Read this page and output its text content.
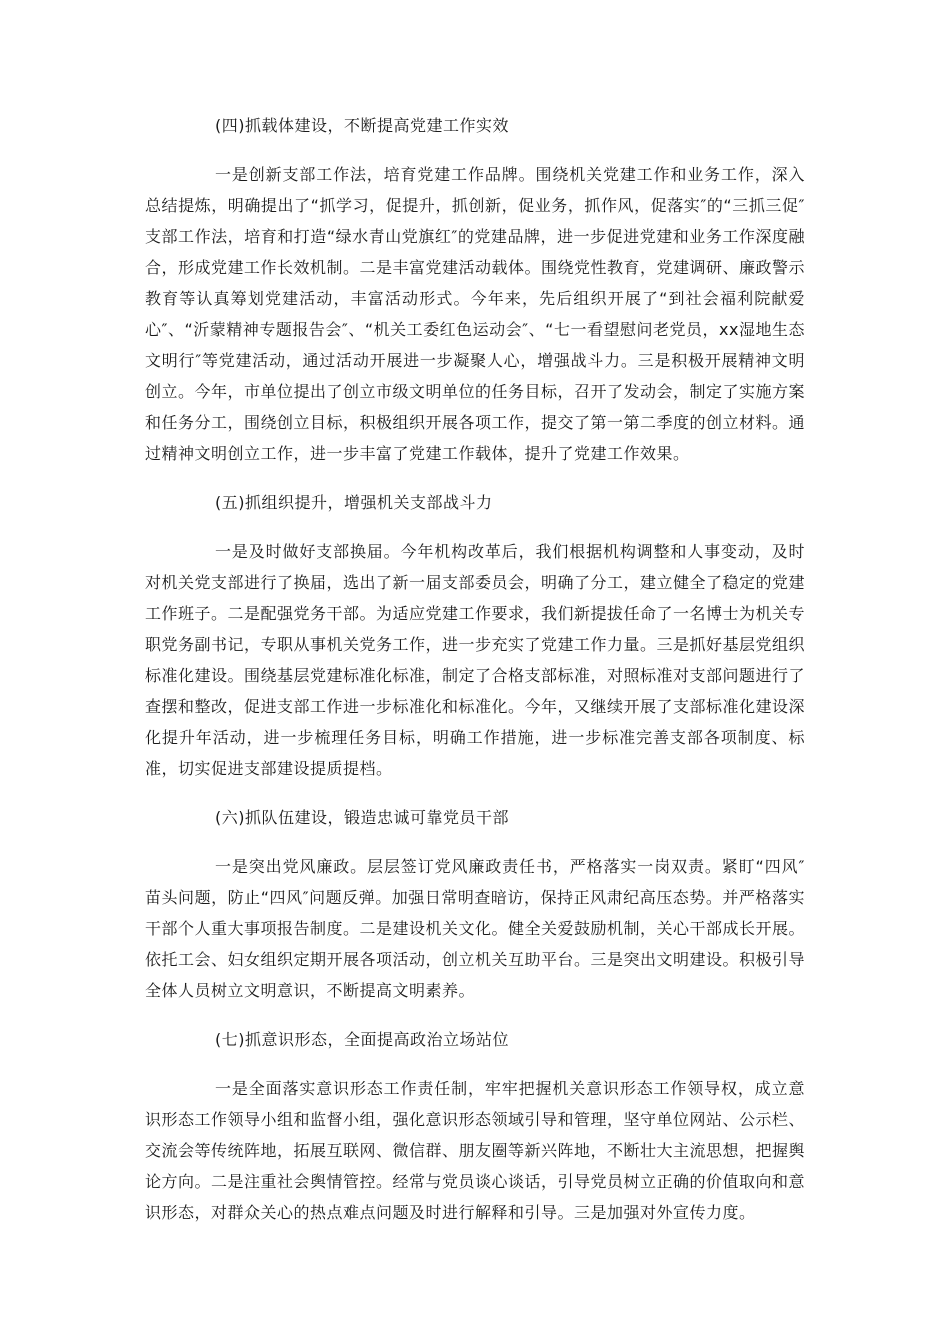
(四)抓载体建设，不断提高党建工作实效

一是创新支部工作法，培育党建工作品牌。围绕机关党建工作和业务工作，深入总结提炼，明确提出了“抓学习，促提升，抓创新，促业务，抓作风，促落实″的“三抓三促″支部工作法，培育和打造“绿水青山党旗红″的党建品牌，进一步促进党建和业务工作深度融合，形成党建工作长效机制。二是丰富党建活动载体。围绕党性教育，党建调研、廉政警示教育等认真筹划党建活动，丰富活动形式。今年来，先后组织开展了“到社会福利院献爱心″、“沂蒙精神专题报告会″、“机关工委红色运动会″、“七一看望慰问老党员，xx湿地生态文明行″等党建活动，通过活动开展进一步凝聚人心，增强战斗力。三是积极开展精神文明创立。今年，市单位提出了创立市级文明单位的任务目标，召开了发动会，制定了实施方案和任务分工，围绕创立目标，积极组织开展各项工作，提交了第一第二季度的创立材料。通过精神文明创立工作，进一步丰富了党建工作载体，提升了党建工作效果。

(五)抓组织提升，增强机关支部战斗力

一是及时做好支部换届。今年机构改革后，我们根据机构调整和人事变动，及时对机关党支部进行了换届，选出了新一届支部委员会，明确了分工，建立健全了稳定的党建工作班子。二是配强党务干部。为适应党建工作要求，我们新提拔任命了一名博士为机关专职党务副书记，专职从事机关党务工作，进一步充实了党建工作力量。三是抓好基层党组织标准化建设。围绕基层党建标准化标准，制定了合格支部标准，对照标准对支部问题进行了查摆和整改，促进支部工作进一步标准化和标准化。今年，又继续开展了支部标准化建设深化提升年活动，进一步梳理任务目标，明确工作措施，进一步标准完善支部各项制度、标准，切实促进支部建设提质提档。

(六)抓队伍建设，锻造忠诚可靠党员干部

一是突出党风廉政。层层签订党风廉政责任书，严格落实一岗双责。紧盯“四风″苗头问题，防止“四风″问题反弹。加强日常明查暗访，保持正风肃纪高压态势。并严格落实干部个人重大事项报告制度。二是建设机关文化。健全关爱鼓励机制，关心干部成长开展。依托工会、妇女组织定期开展各项活动，创立机关互助平台。三是突出文明建设。积极引导全体人员树立文明意识，不断提高文明素养。

(七)抓意识形态，全面提高政治立场站位

一是全面落实意识形态工作责任制，牢牢把握机关意识形态工作领导权，成立意识形态工作领导小组和监督小组，强化意识形态领域引导和管理，坚守单位网站、公示栏、交流会等传统阵地，拓展互联网、微信群、朋友圈等新兴阵地，不断壮大主流思想，把握舆论方向。二是注重社会舆情管控。经常与党员谈心谈话，引导党员树立正确的价值取向和意识形态，对群众关心的热点难点问题及时进行解释和引导。三是加强对外宣传力度。
